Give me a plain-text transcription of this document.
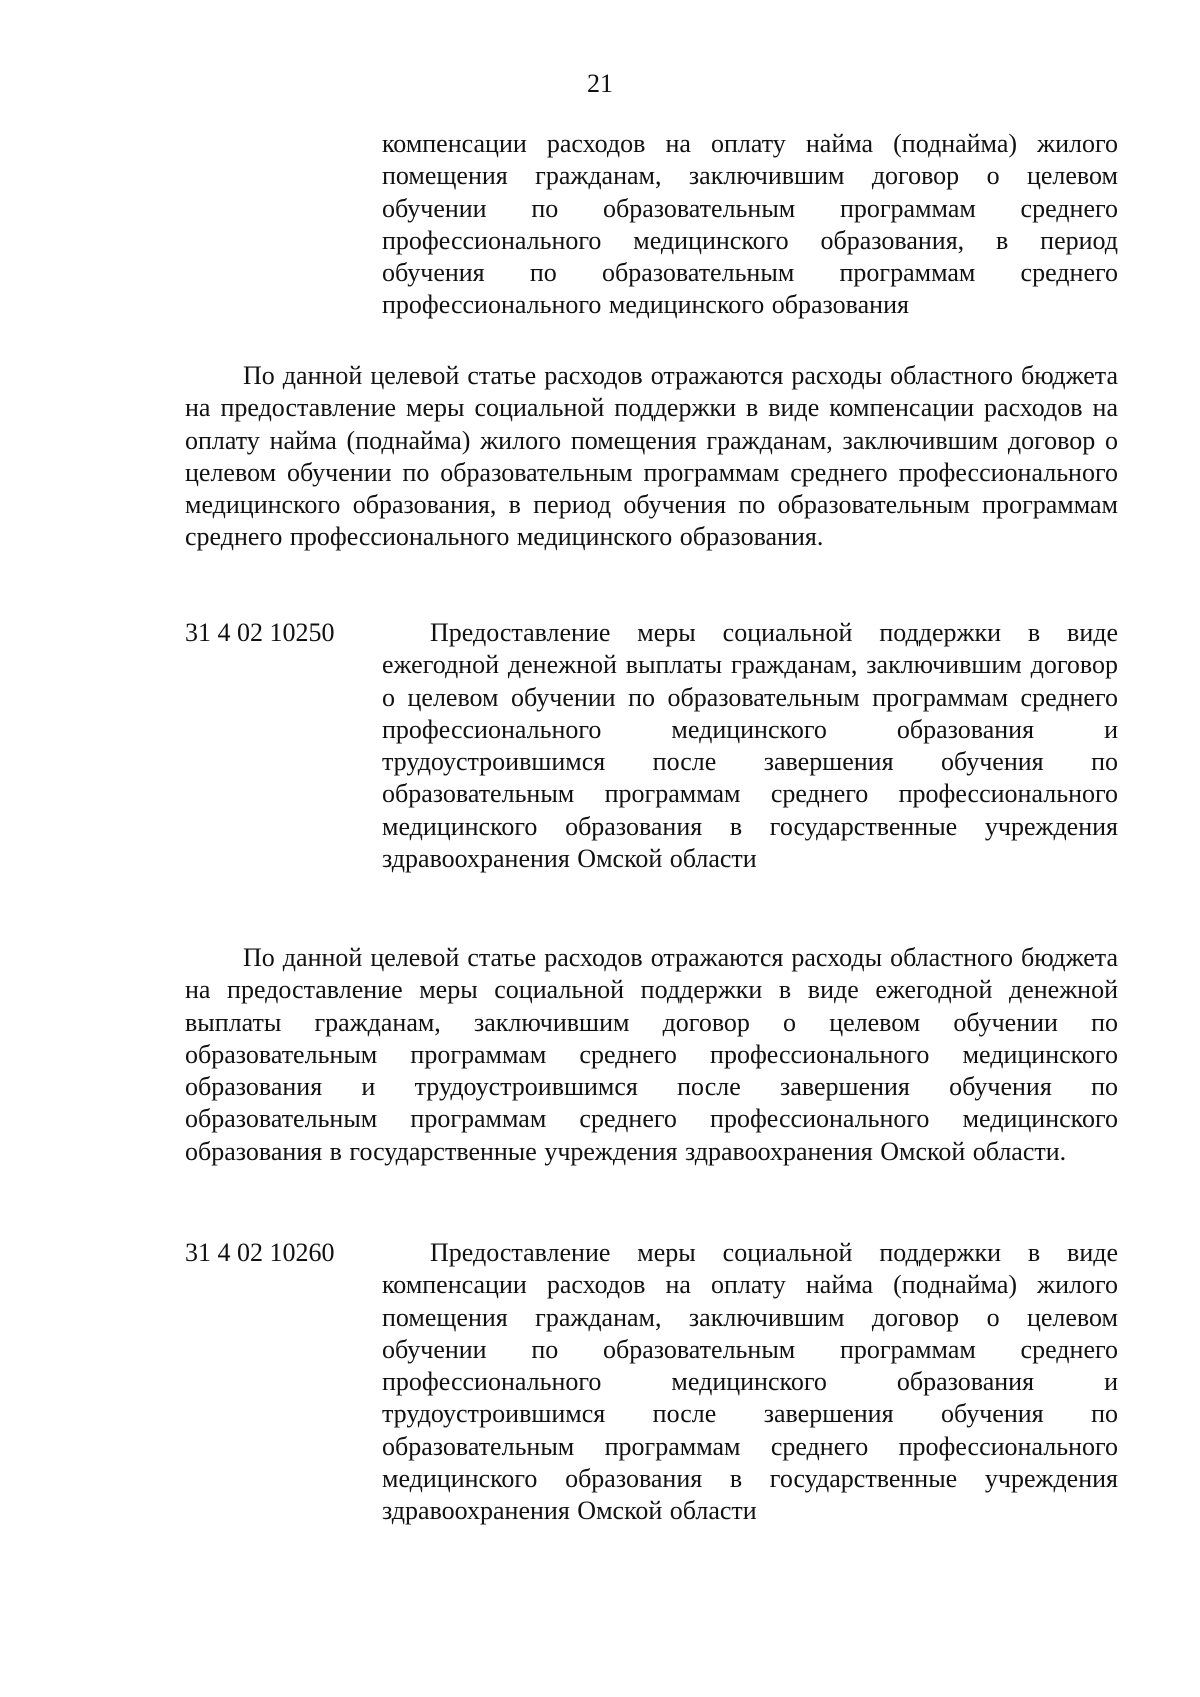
21
компенсации расходов на оплату найма (поднайма) жилого помещения гражданам, заключившим договор о целевом обучении по образовательным программам среднего профессионального медицинского образования, в период обучения по образовательным программам среднего профессионального медицинского образования
По данной целевой статье расходов отражаются расходы областного бюджета на предоставление меры социальной поддержки в виде компенсации расходов на оплату найма (поднайма) жилого помещения гражданам, заключившим договор о целевом обучении по образовательным программам среднего профессионального медицинского образования, в период обучения по образовательным программам среднего профессионального медицинского образования.
31 4 02 10250	Предоставление меры социальной поддержки в виде ежегодной денежной выплаты гражданам, заключившим договор о целевом обучении по образовательным программам среднего профессионального медицинского образования и трудоустроившимся после завершения обучения по образовательным программам среднего профессионального медицинского образования в государственные учреждения здравоохранения Омской области
По данной целевой статье расходов отражаются расходы областного бюджета на предоставление меры социальной поддержки в виде ежегодной денежной выплаты гражданам, заключившим договор о целевом обучении по образовательным программам среднего профессионального медицинского образования и трудоустроившимся после завершения обучения по образовательным программам среднего профессионального медицинского образования в государственные учреждения здравоохранения Омской области.
31 4 02 10260	Предоставление меры социальной поддержки в виде компенсации расходов на оплату найма (поднайма) жилого помещения гражданам, заключившим договор о целевом обучении по образовательным программам среднего профессионального медицинского образования и трудоустроившимся после завершения обучения по образовательным программам среднего профессионального медицинского образования в государственные учреждения здравоохранения Омской области
